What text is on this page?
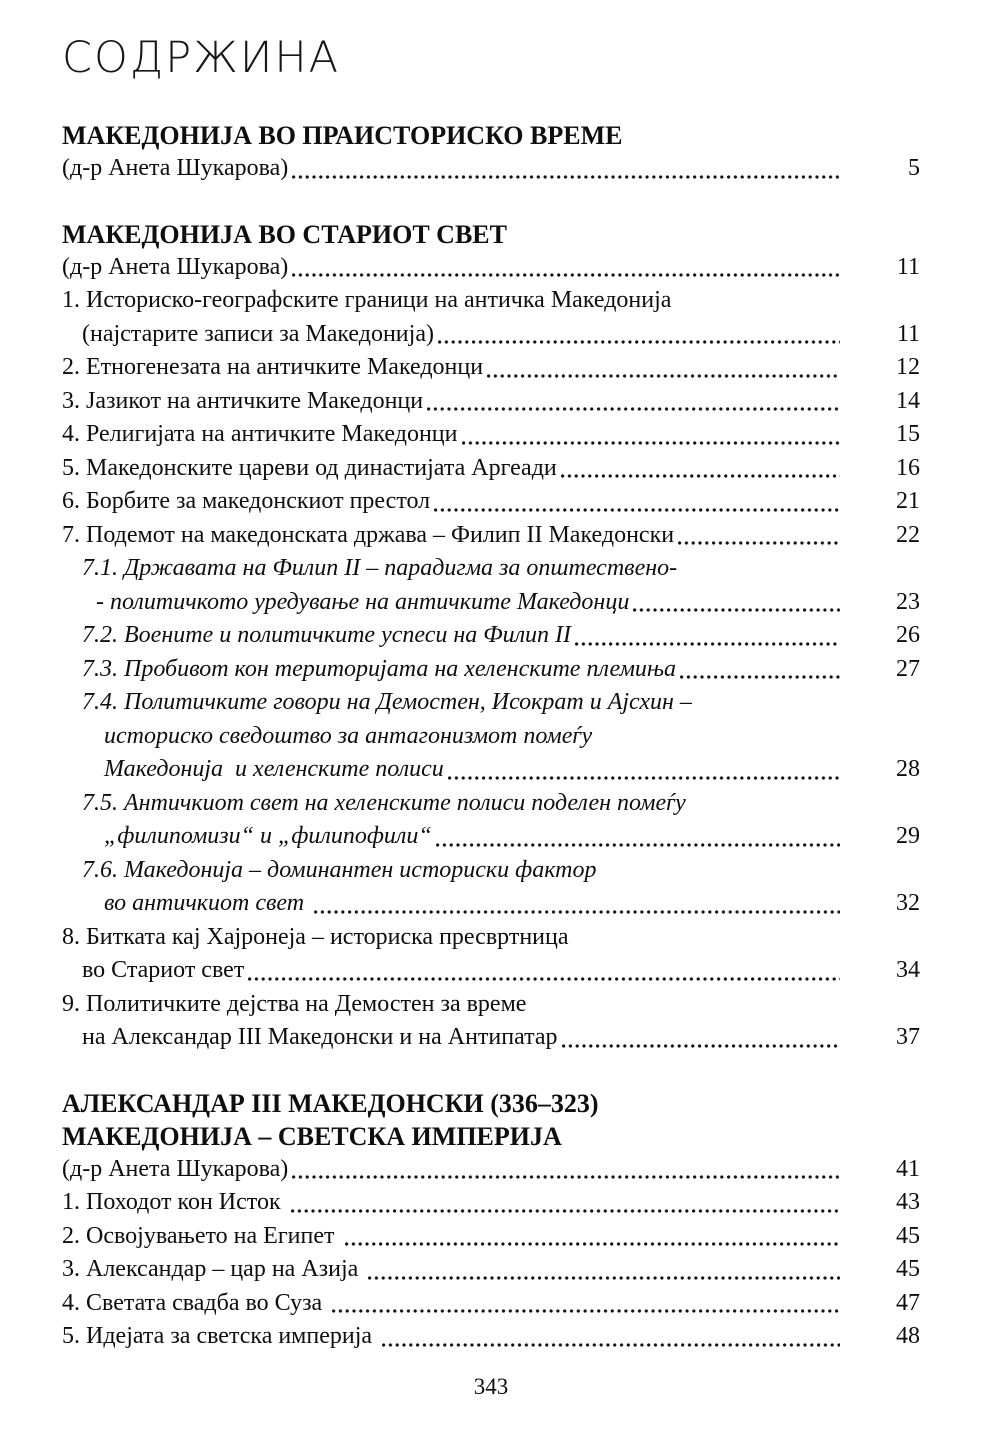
СОДРЖИНА
МАКЕДОНИЈА ВО ПРАИСТОРИСКО ВРЕМЕ
(д-р Анета Шукарова)	5
МАКЕДОНИЈА ВО СТАРИОТ СВЕТ
(д-р Анета Шукарова)	11
1. Историско-географските граници на античка Македонија
(најстарите записи за Македонија)	11
2. Етногенезата на античките Македонци	12
3. Јазикот на античките Македонци	14
4. Религијата на античките Македонци	15
5. Македонските цареви од династијата Аргеади	16
6. Борбите за македонскиот престол	21
7. Подемот на македонската држава – Филип II Македонски	22
7.1. Државата на Филип II – парадигма за општествено-
- политичкото уредување на античките Македонци	23
7.2. Воените и политичките успеси на Филип II	26
7.3. Пробивот кон територијата на хеленските племиња	27
7.4. Политичките говори на Демостен, Исократ и Ајсхин –
историско сведоштво за антагонизмот помеѓу
Македонија  и хеленските полиси	28
7.5. Античкиот свет на хеленските полиси поделен помеѓу
„филипомизи“ и „филипофили“	29
7.6. Македонија – доминантен историски фактор
во античкиот свет	32
8. Битката кај Хајронеја – историска пресвртница
во Стариот свет	34
9. Политичките дејства на Демостен за време
на Александар III Македонски и на Антипатар	37
АЛЕКСАНДАР III МАКЕДОНСКИ (336–323)
МАКЕДОНИЈА – СВЕТСКА ИМПЕРИЈА
(д-р Анета Шукарова)	41
1. Походот кон Исток	43
2. Освојувањето на Египет	45
3. Александар – цар на Азија	45
4. Светата свадба во Суза	47
5. Идејата за светска империја	48
343
